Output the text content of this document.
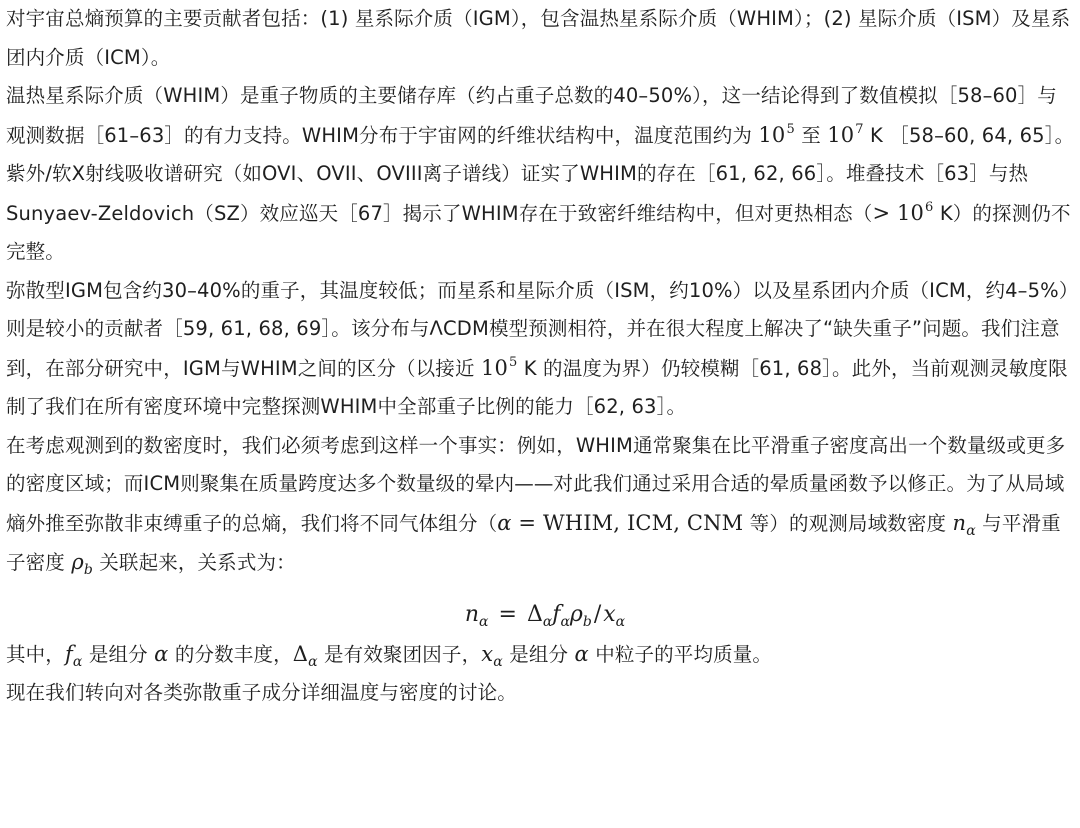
对宇宙总熵预算的主要贡献者包括：(1) 星系际介质（IGM），包含温热星系际介质（WHIM）；(2) 星际介质（ISM）及星系团内介质（ICM）。

温热星系际介质（WHIM）是重子物质的主要储存库（约占重子总数的40–50%），这一结论得到了数值模拟［58–60］与观测数据［61–63］的有力支持。WHIM分布于宇宙网的纤维状结构中，温度范围约为 $10^5$ 至 $10^7$ K ［58–60, 64, 65］。紫外/软X射线吸收谱研究（如OVI、OVII、OVIII离子谱线）证实了WHIM的存在［61, 62, 66］。堆叠技术［63］与热Sunyaev-Zeldovich（SZ）效应巡天［67］揭示了WHIM存在于致密纤维结构中，但对更热相态（> $10^6$ K）的探测仍不完整。

弥散型IGM包含约30–40%的重子，其温度较低；而星系和星际介质（ISM，约10%）以及星系团内介质（ICM，约4–5%）则是较小的贡献者［59, 61, 68, 69］。该分布与ΛCDM模型预测相符，并在很大程度上解决了“缺失重子”问题。我们注意到，在部分研究中，IGM与WHIM之间的区分（以接近 $10^5$ K 的温度为界）仍较模糊［61, 68］。此外，当前观测灵敏度限制了我们在所有密度环境中完整探测WHIM中全部重子比例的能力［62, 63］。

在考虑观测到的数密度时，我们必须考虑到这样一个事实：例如，WHIM通常聚集在比平滑重子密度高出一个数量级或更多的密度区域；而ICM则聚集在质量跨度达多个数量级的晕内——对此我们通过采用合适的晕质量函数予以修正。为了从局域熵外推至弥散非束缚重子的总熵，我们将不同气体组分（α = WHIM, ICM, CNM 等）的观测局域数密度 $n_\alpha$ 与平滑重子密度 $\rho_b$ 关联起来，关系式为：

$n_\alpha = \Delta_\alpha f_\alpha\rho_b/x_\alpha$

其中，$f_\alpha$ 是组分 α 的分数丰度，$\Delta_\alpha$ 是有效聚团因子，$x_\alpha$ 是组分 α 中粒子的平均质量。

现在我们转向对各类弥散重子成分详细温度与密度的讨论。
